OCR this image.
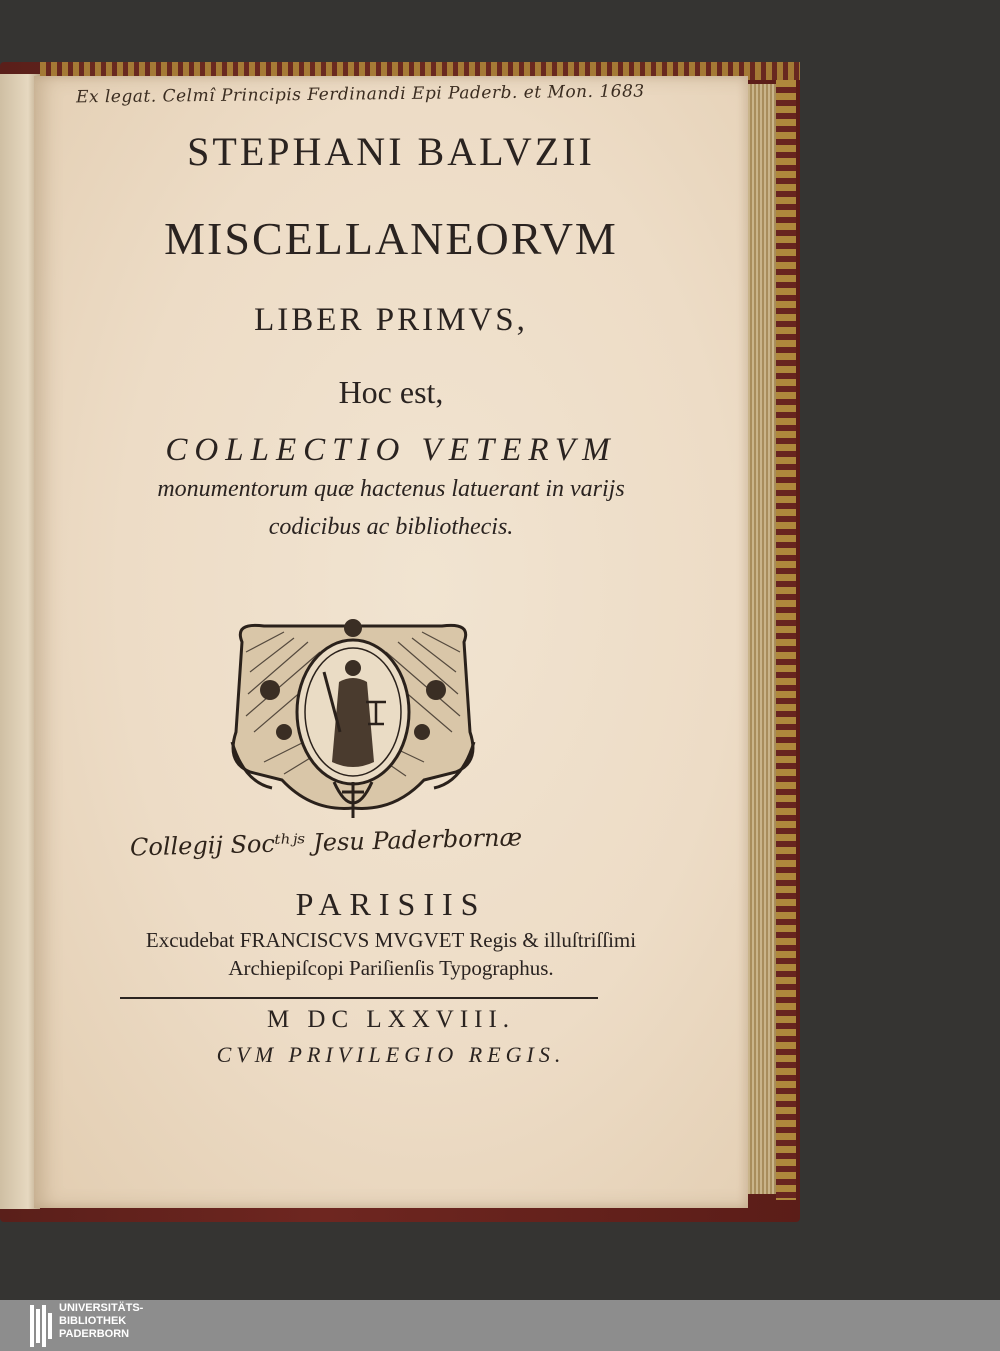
Ex legat. Celmî Principis Ferdinandi Epi Paderb. et Mon. 1683
STEPHANI BALVZII
MISCELLANEORVM
LIBER PRIMVS,
Hoc est,
COLLECTIO VETERVM
monumentorum quæ hactenus latuerant in varijs
codicibus ac bibliothecis.
Collegij Socᵗʰʲˢ Jesu Paderbornæ
PARISIIS
Excudebat FRANCISCVS MVGVET Regis & illuſtriſſimi
Archiepiſcopi Pariſienſis Typographus.
M DC LXXVIII.
CVM PRIVILEGIO REGIS.
UNIVERSITÄTS-
BIBLIOTHEK
PADERBORN
